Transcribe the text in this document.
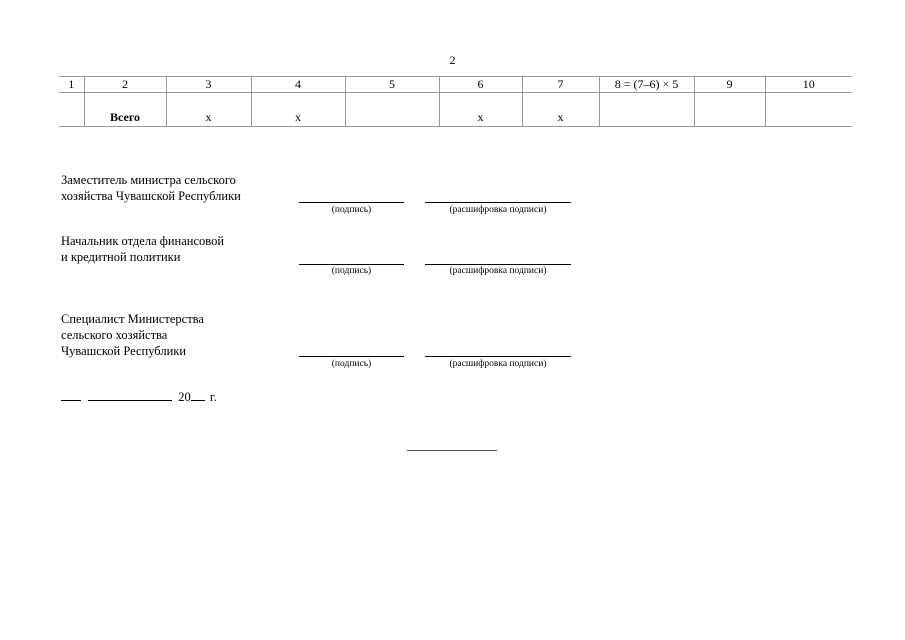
2
1	2	3	4	5	6	7	8 = (7–6) × 5	9	10
	Всего	х	х		х	х			
Заместитель министра сельского
хозяйства Чувашской Республики
(подпись)	(расшифровка подписи)
Начальник отдела финансовой
и кредитной политики
(подпись)	(расшифровка подписи)
Специалист Министерства
сельского хозяйства
Чувашской Республики
(подпись)	(расшифровка подписи)
20 г.
